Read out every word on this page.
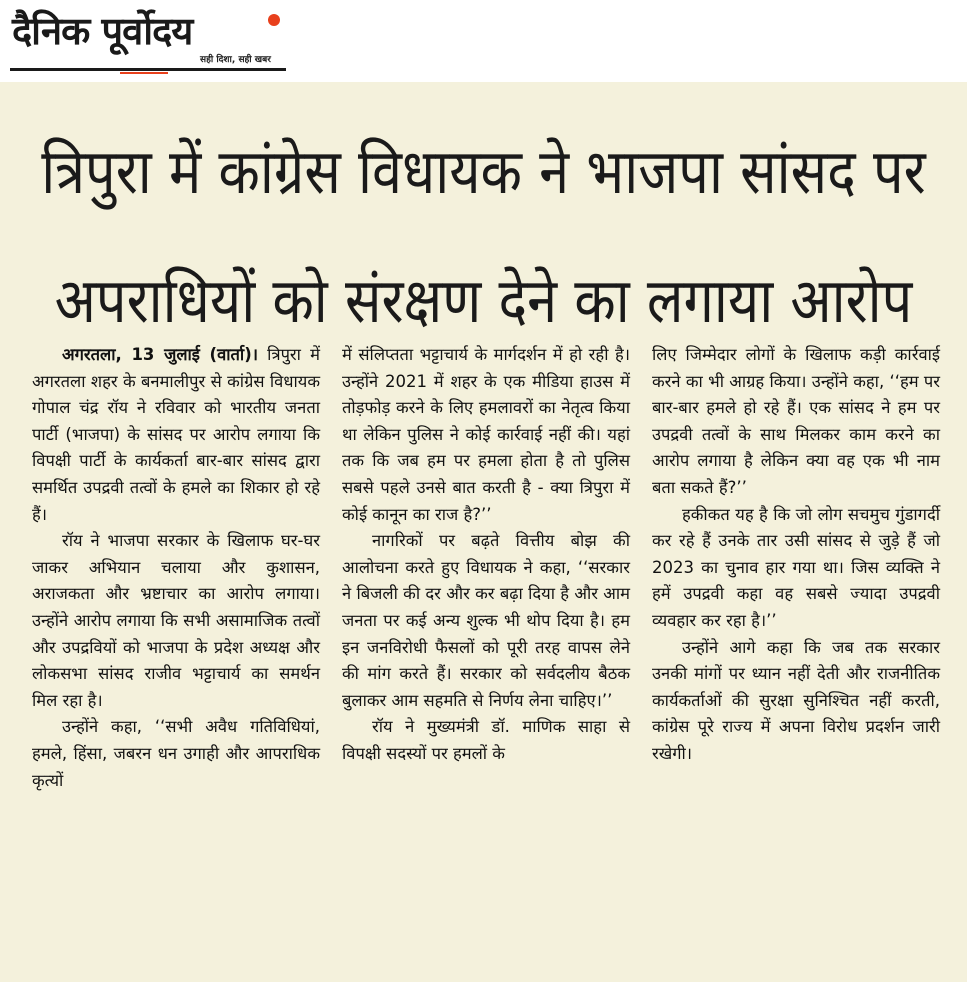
दैनिक पूर्वोदय
सही दिशा, सही खबर
त्रिपुरा में कांग्रेस विधायक ने भाजपा सांसद पर
अपराधियों को संरक्षण देने का लगाया आरोप

अगरतला, 13 जुलाई (वार्ता)। त्रिपुरा में अगरतला शहर के बनमालीपुर से कांग्रेस विधायक गोपाल चंद्र रॉय ने रविवार को भारतीय जनता पार्टी (भाजपा) के सांसद पर आरोप लगाया कि विपक्षी पार्टी के कार्यकर्ता बार-बार सांसद द्वारा समर्थित उपद्रवी तत्वों के हमले का शिकार हो रहे हैं।

रॉय ने भाजपा सरकार के खिलाफ घर-घर जाकर अभियान चलाया और कुशासन, अराजकता और भ्रष्टाचार का आरोप लगाया। उन्होंने आरोप लगाया कि सभी असामाजिक तत्वों और उपद्रवियों को भाजपा के प्रदेश अध्यक्ष और लोकसभा सांसद राजीव भट्टाचार्य का समर्थन मिल रहा है।

उन्होंने कहा, ‘‘सभी अवैध गतिविधियां, हमले, हिंसा, जबरन धन उगाही और आपराधिक कृत्यों

में संलिप्तता भट्टाचार्य के मार्गदर्शन में हो रही है। उन्होंने 2021 में शहर के एक मीडिया हाउस में तोड़फोड़ करने के लिए हमलावरों का नेतृत्व किया था लेकिन पुलिस ने कोई कार्रवाई नहीं की। यहां तक कि जब हम पर हमला होता है तो पुलिस सबसे पहले उनसे बात करती है - क्या त्रिपुरा में कोई कानून का राज है?’’

नागरिकों पर बढ़ते वित्तीय बोझ की आलोचना करते हुए विधायक ने कहा, ‘‘सरकार ने बिजली की दर और कर बढ़ा दिया है और आम जनता पर कई अन्य शुल्क भी थोप दिया है। हम इन जनविरोधी फैसलों को पूरी तरह वापस लेने की मांग करते हैं। सरकार को सर्वदलीय बैठक बुलाकर आम सहमति से निर्णय लेना चाहिए।’’

रॉय ने मुख्यमंत्री डॉ. माणिक साहा से विपक्षी सदस्यों पर हमलों के

लिए जिम्मेदार लोगों के खिलाफ कड़ी कार्रवाई करने का भी आग्रह किया। उन्होंने कहा, ‘‘हम पर बार-बार हमले हो रहे हैं। एक सांसद ने हम पर उपद्रवी तत्वों के साथ मिलकर काम करने का आरोप लगाया है लेकिन क्या वह एक भी नाम बता सकते हैं?’’

हकीकत यह है कि जो लोग सचमुच गुंडागर्दी कर रहे हैं उनके तार उसी सांसद से जुड़े हैं जो 2023 का चुनाव हार गया था। जिस व्यक्ति ने हमें उपद्रवी कहा वह सबसे ज्यादा उपद्रवी व्यवहार कर रहा है।’’

उन्होंने आगे कहा कि जब तक सरकार उनकी मांगों पर ध्यान नहीं देती और राजनीतिक कार्यकर्ताओं की सुरक्षा सुनिश्चित नहीं करती, कांग्रेस पूरे राज्य में अपना विरोध प्रदर्शन जारी रखेगी।
